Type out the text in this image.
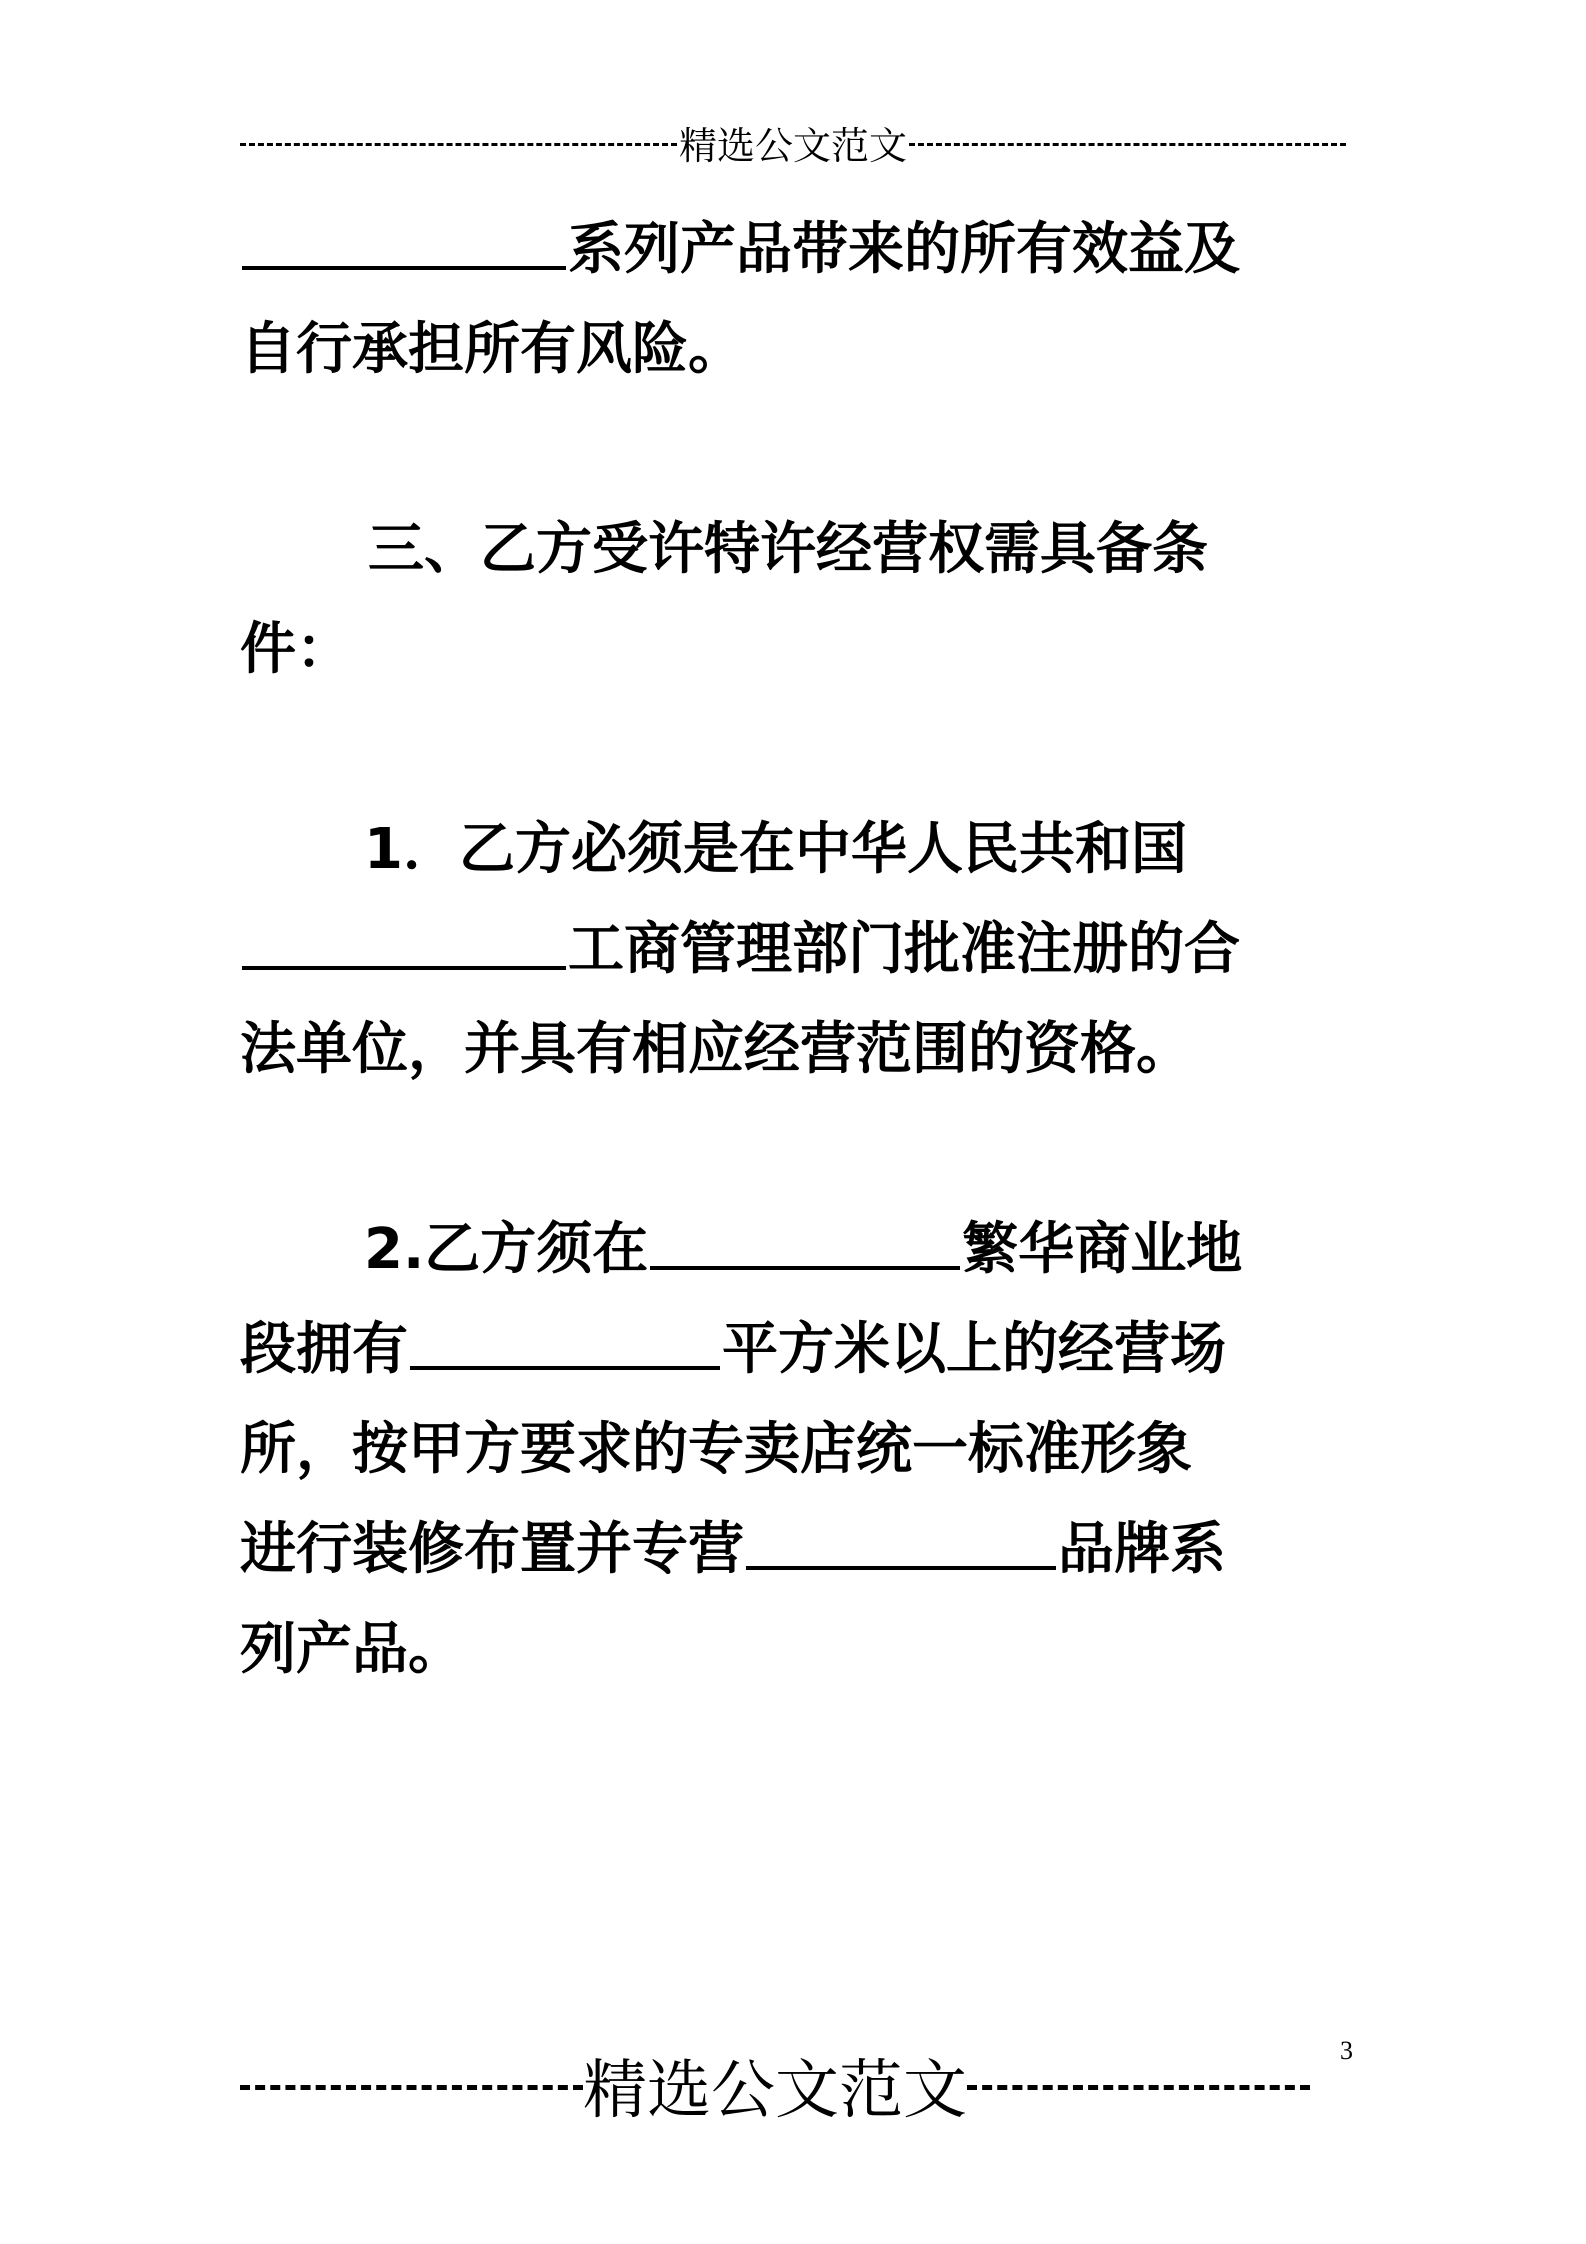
精选公文范文
系列产品带来的所有效益及
自行承担所有风险。
三、乙方受许特许经营权需具备条
件：
1．乙方必须是在中华人民共和国
工商管理部门批准注册的合
法单位，并具有相应经营范围的资格。
2.乙方须在	繁华商业地
段拥有	平方米以上的经营场
所，按甲方要求的专卖店统一标准形象
进行装修布置并专营	品牌系
列产品。
精选公文范文
3
